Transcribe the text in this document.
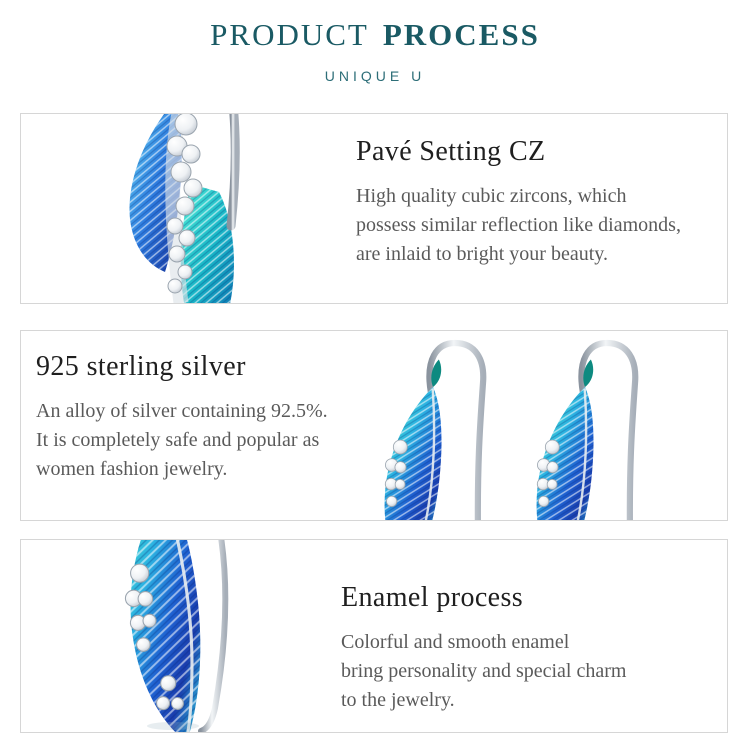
PRODUCT PROCESS
UNIQUE U
Pavé Setting CZ
High quality cubic zircons, which
possess similar reflection like diamonds,
are inlaid to bright your beauty.
925 sterling silver
An alloy of silver containing 92.5%.
It is completely safe and popular as
women fashion jewelry.
Enamel process
Colorful and smooth enamel
bring personality and special charm
to the jewelry.
